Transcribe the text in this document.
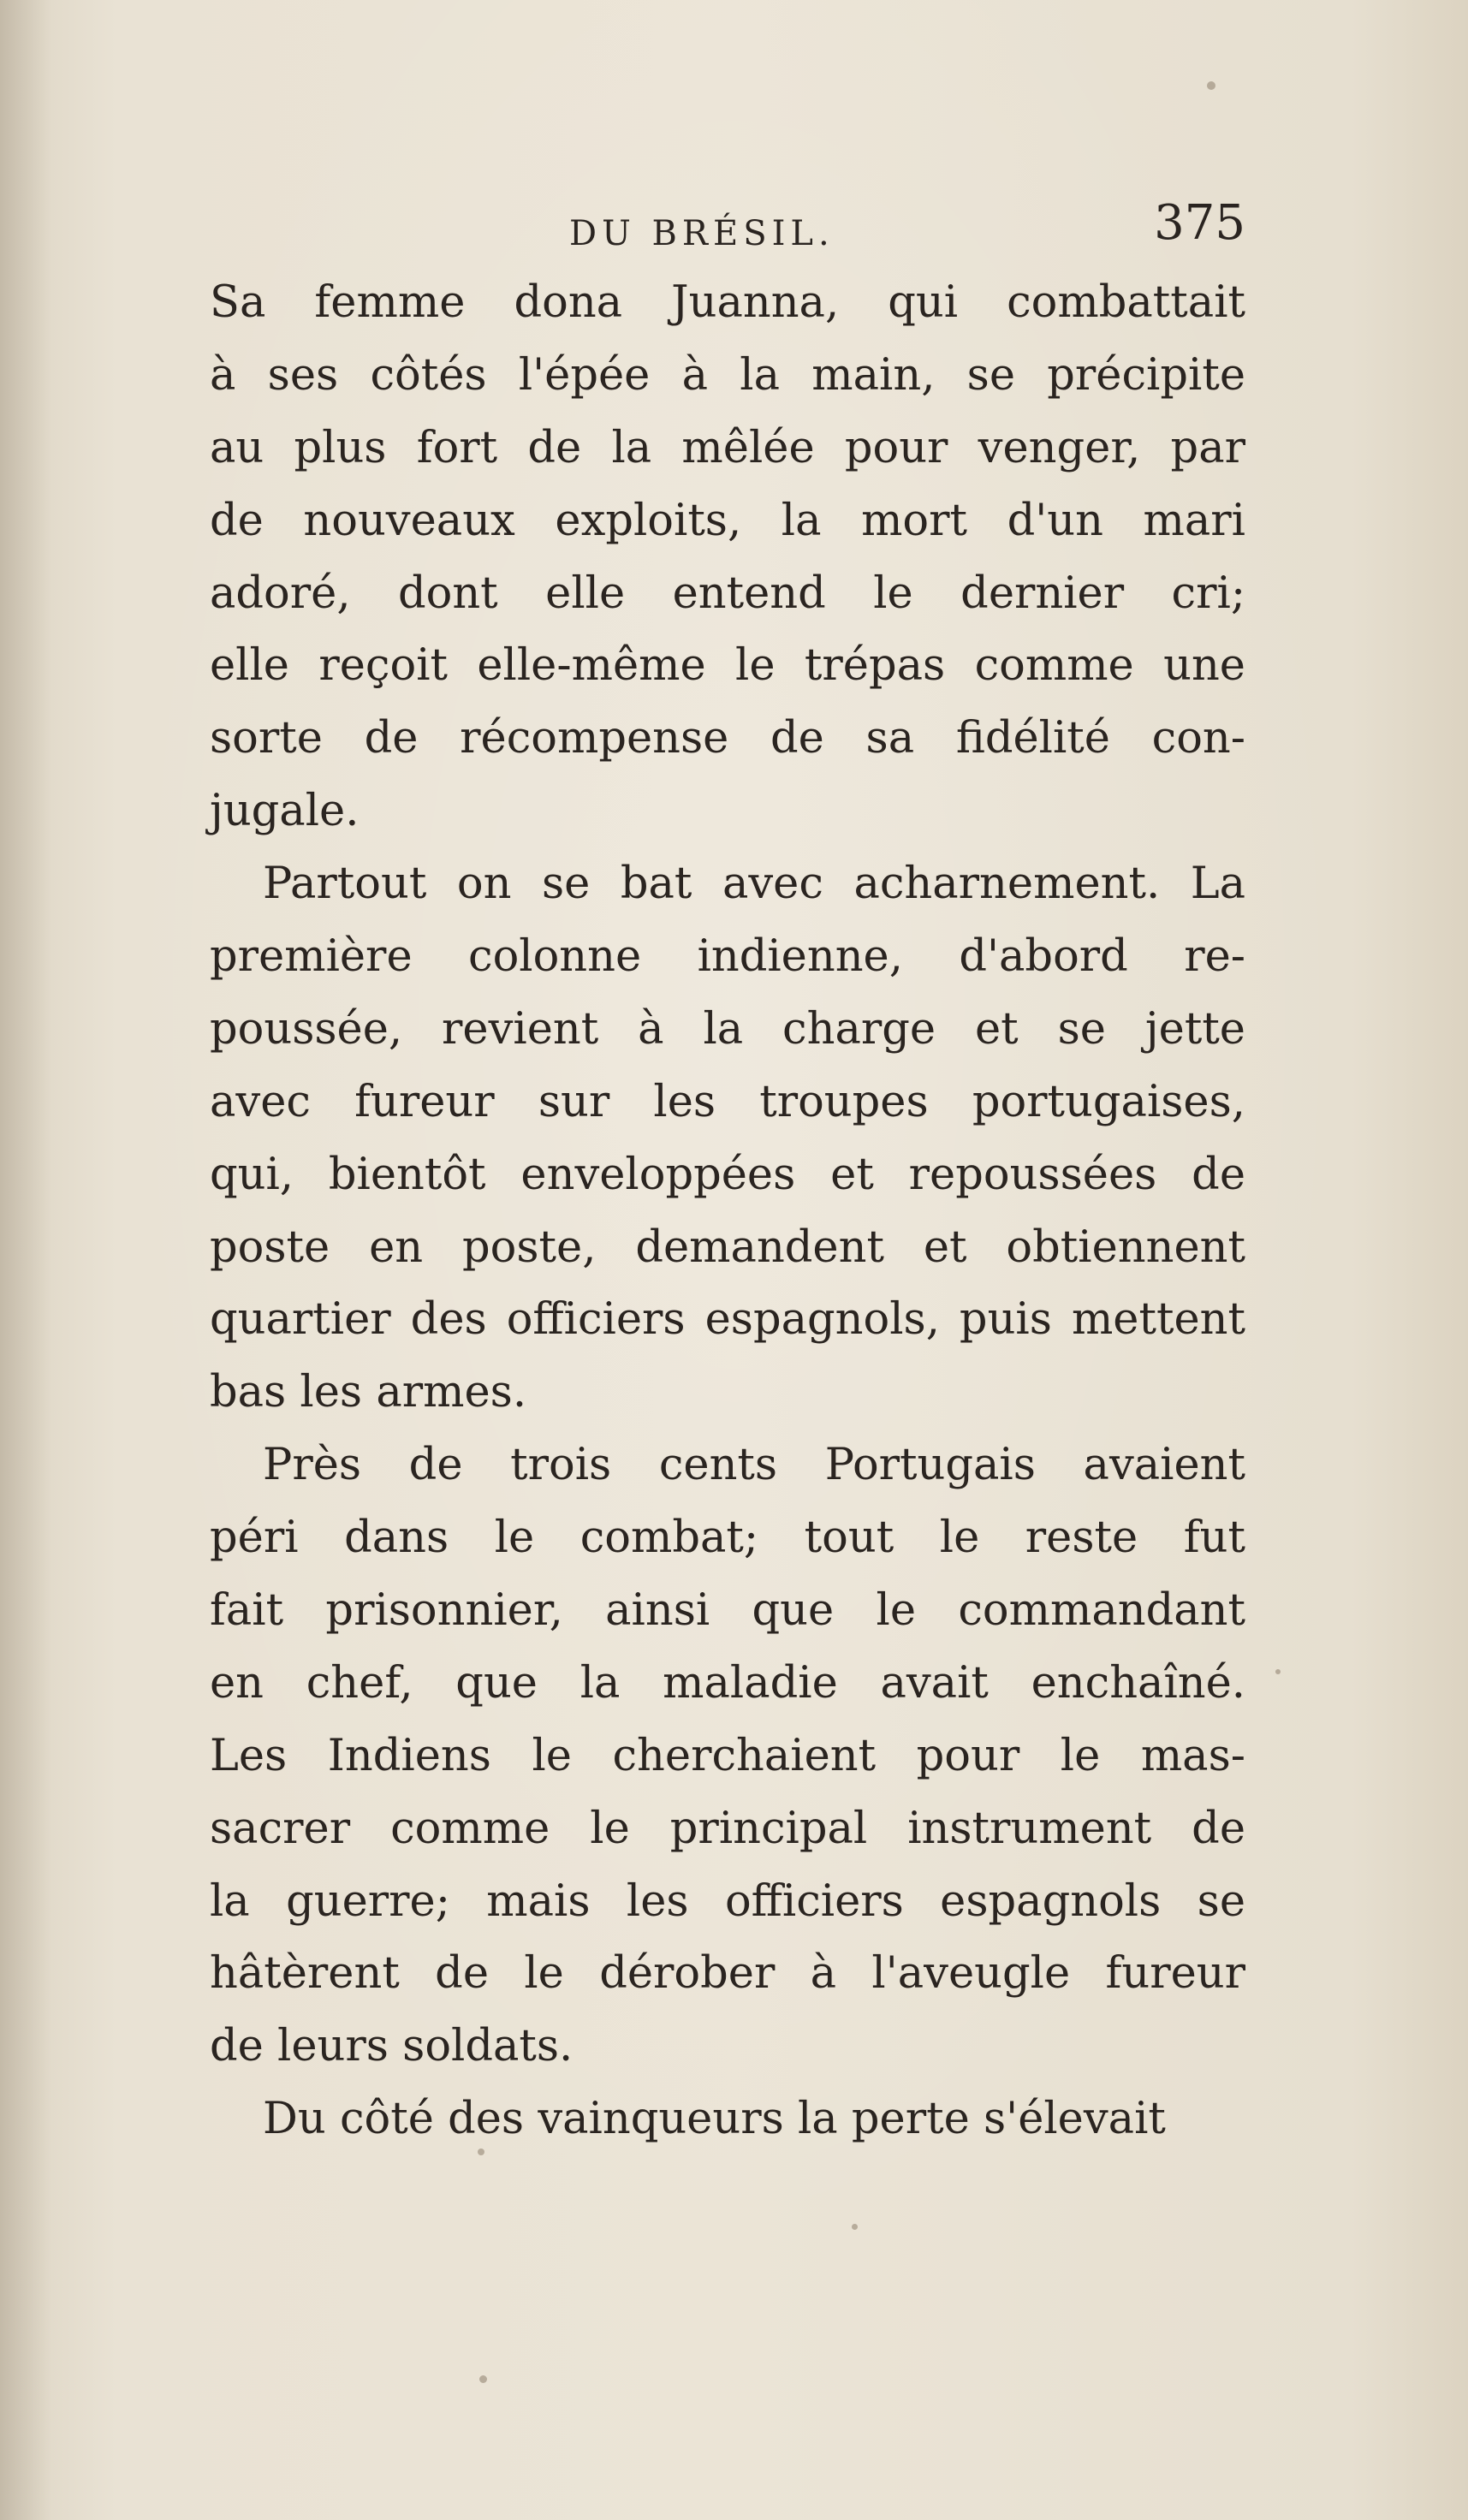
DU BRÉSIL.	375
Sa femme dona Juanna, qui combattait
à ses côtés l'épée à la main, se précipite
au plus fort de la mêlée pour venger, par
de nouveaux exploits, la mort d'un mari
adoré, dont elle entend le dernier cri;
elle reçoit elle-même le trépas comme une
sorte de récompense de sa fidélité con-
jugale.
Partout on se bat avec acharnement. La
première colonne indienne, d'abord re-
poussée, revient à la charge et se jette
avec fureur sur les troupes portugaises,
qui, bientôt enveloppées et repoussées de
poste en poste, demandent et obtiennent
quartier des officiers espagnols, puis mettent
bas les armes.
Près de trois cents Portugais avaient
péri dans le combat; tout le reste fut
fait prisonnier, ainsi que le commandant
en chef, que la maladie avait enchaîné.
Les Indiens le cherchaient pour le mas-
sacrer comme le principal instrument de
la guerre; mais les officiers espagnols se
hâtèrent de le dérober à l'aveugle fureur
de leurs soldats.
Du côté des vainqueurs la perte s'élevait
